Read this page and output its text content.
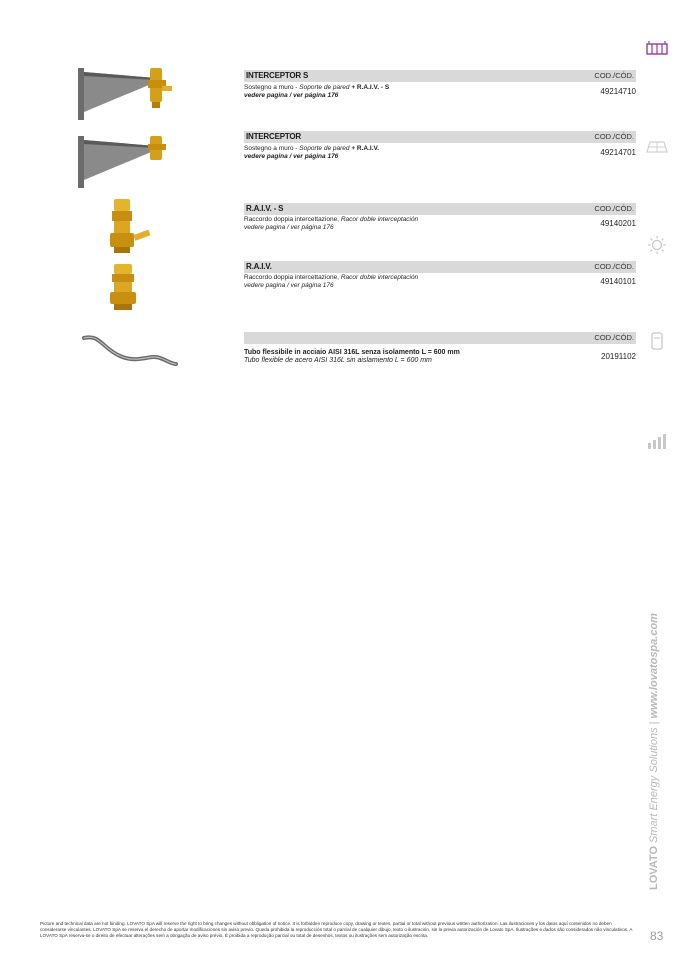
INTERCEPTOR S	COD./CÓD.
Sostegno a muro - Soporte de pared + R.A.I.V. - S
vedere pagina / ver página 176	49214710
INTERCEPTOR	COD./CÓD.
Sostegno a muro - Soporte de pared + R.A.I.V.
vedere pagina / ver página 176	49214701
R.A.I.V. - S	COD./CÓD.
Raccordo doppia intercettazione, Racor doble interceptación
vedere pagina / ver página 176	49140201
R.A.I.V.	COD./CÓD.
Raccordo doppia intercettazione, Racor doble interceptación
vedere pagina / ver página 176	49140101
COD./CÓD.
Tubo flessibile in acciaio AISI 316L senza isolamento L = 600 mm
Tubo flexible de acero AISI 316L sin aislamiento L = 600 mm	20191102
LOVATO Smart Energy Solutions | www.lovatospa.com
Picture and technical data are not binding. LOVATO SpA will reserve the right to bring changes without obbligation of notice. It is forbidden reproduce copy, drawing or textes, partial or total without previous written authorization. Las ilustraciones y los datos aquí contenidos no deben considerarse vinculantes. LOVATO SpA se reserva el derecho de aportar modificaciones sin aviso previo. Queda prohibida la reproducción total o parcial de cualquier dibujo, texto o ilustración, sin la previa autorización de Lovato SpA. Ilustrações e dados são considerados não vinculativos. A LOVATO SpA reserva-se o direito de efectuar alterações sem a obrigação de aviso prévio. É proibida a reprodução parcial ou total de desenhos, textos ou ilustrações sem autorização escrita.	83
